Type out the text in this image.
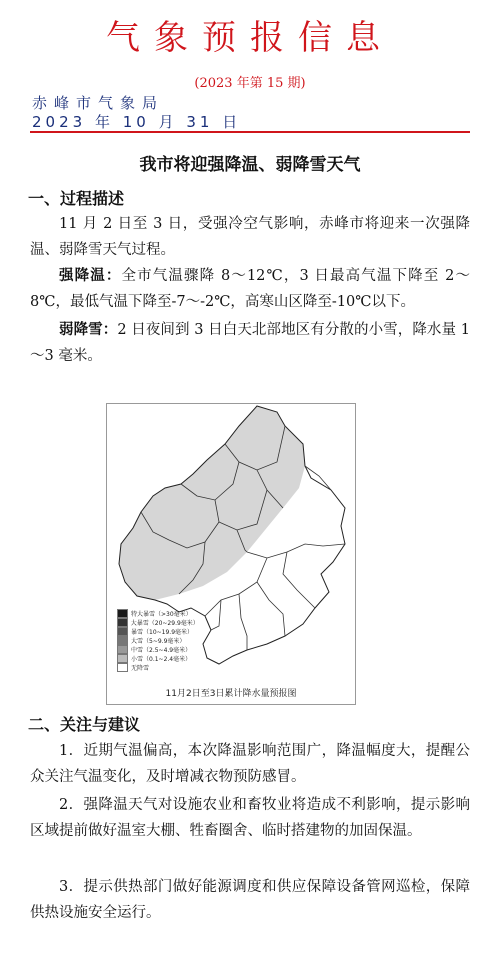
气象预报信息
(2023 年第 15 期)
赤峰市气象局
2023 年 10 月 31 日
我市将迎强降温、弱降雪天气
一、过程描述
11 月 2 日至 3 日，受强冷空气影响，赤峰市将迎来一次强降温、弱降雪天气过程。
强降温：全市气温骤降 8～12℃，3 日最高气温下降至 2～8℃，最低气温下降至-7～-2℃，高寒山区降至-10℃以下。
弱降雪：2 日夜间到 3 日白天北部地区有分散的小雪，降水量 1～3 毫米。
特大暴雪（>30毫米）
大暴雪（20~29.9毫米）
暴雪（10~19.9毫米）
大雪（5~9.9毫米）
中雪（2.5~4.9毫米）
小雪（0.1~2.4毫米）
无降雪
11月2日至3日累计降水量预报图
二、关注与建议
1．近期气温偏高，本次降温影响范围广，降温幅度大，提醒公众关注气温变化，及时增减衣物预防感冒。
2．强降温天气对设施农业和畜牧业将造成不利影响，提示影响区域提前做好温室大棚、牲畜圈舍、临时搭建物的加固保温。
3．提示供热部门做好能源调度和供应保障设备管网巡检，保障供热设施安全运行。
